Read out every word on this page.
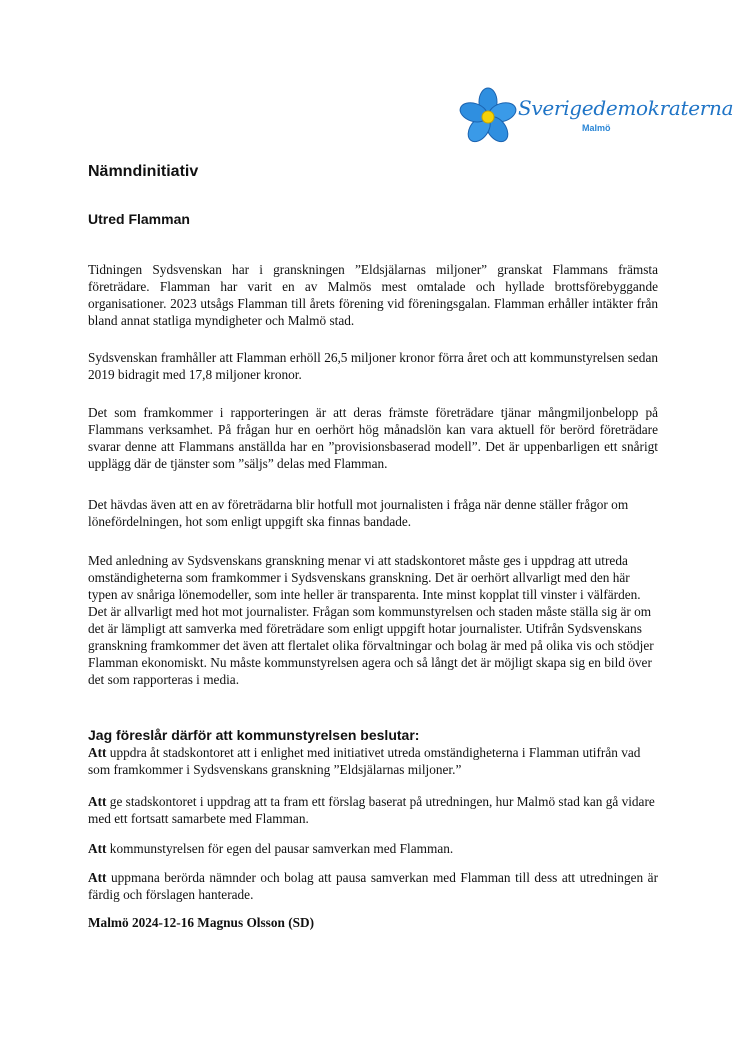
Sverigedemokraterna
Malmö
Nämndinitiativ
Utred Flamman

Tidningen Sydsvenskan har i granskningen ”Eldsjälarnas miljoner” granskat Flammans främsta företrädare. Flamman har varit en av Malmös mest omtalade och hyllade brottsförebyggande organisationer. 2023 utsågs Flamman till årets förening vid föreningsgalan. Flamman erhåller intäkter från bland annat statliga myndigheter och Malmö stad.

Sydsvenskan framhåller att Flamman erhöll 26,5 miljoner kronor förra året och att kommunstyrelsen sedan 2019 bidragit med 17,8 miljoner kronor.

Det som framkommer i rapporteringen är att deras främste företrädare tjänar mångmiljonbelopp på Flammans verksamhet. På frågan hur en oerhört hög månadslön kan vara aktuell för berörd företrädare svarar denne att Flammans anställda har en ”provisionsbaserad modell”. Det är uppenbarligen ett snårigt upplägg där de tjänster som ”säljs” delas med Flamman.

Det hävdas även att en av företrädarna blir hotfull mot journalisten i fråga när denne ställer frågor om lönefördelningen, hot som enligt uppgift ska finnas bandade.

Med anledning av Sydsvenskans granskning menar vi att stadskontoret måste ges i uppdrag att utreda omständigheterna som framkommer i Sydsvenskans granskning. Det är oerhört allvarligt med den här typen av snåriga lönemodeller, som inte heller är transparenta. Inte minst kopplat till vinster i välfärden. Det är allvarligt med hot mot journalister. Frågan som kommunstyrelsen och staden måste ställa sig är om det är lämpligt att samverka med företrädare som enligt uppgift hotar journalister. Utifrån Sydsvenskans granskning framkommer det även att flertalet olika förvaltningar och bolag är med på olika vis och stödjer Flamman ekonomiskt. Nu måste kommunstyrelsen agera och så långt det är möjligt skapa sig en bild över det som rapporteras i media.

Jag föreslår därför att kommunstyrelsen beslutar:

Att uppdra åt stadskontoret att i enlighet med initiativet utreda omständigheterna i Flamman utifrån vad som framkommer i Sydsvenskans granskning ”Eldsjälarnas miljoner.”

Att ge stadskontoret i uppdrag att ta fram ett förslag baserat på utredningen, hur Malmö stad kan gå vidare med ett fortsatt samarbete med Flamman.

Att kommunstyrelsen för egen del pausar samverkan med Flamman.

Att uppmana berörda nämnder och bolag att pausa samverkan med Flamman till dess att utredningen är färdig och förslagen hanterade.

Malmö 2024-12-16 Magnus Olsson (SD)
